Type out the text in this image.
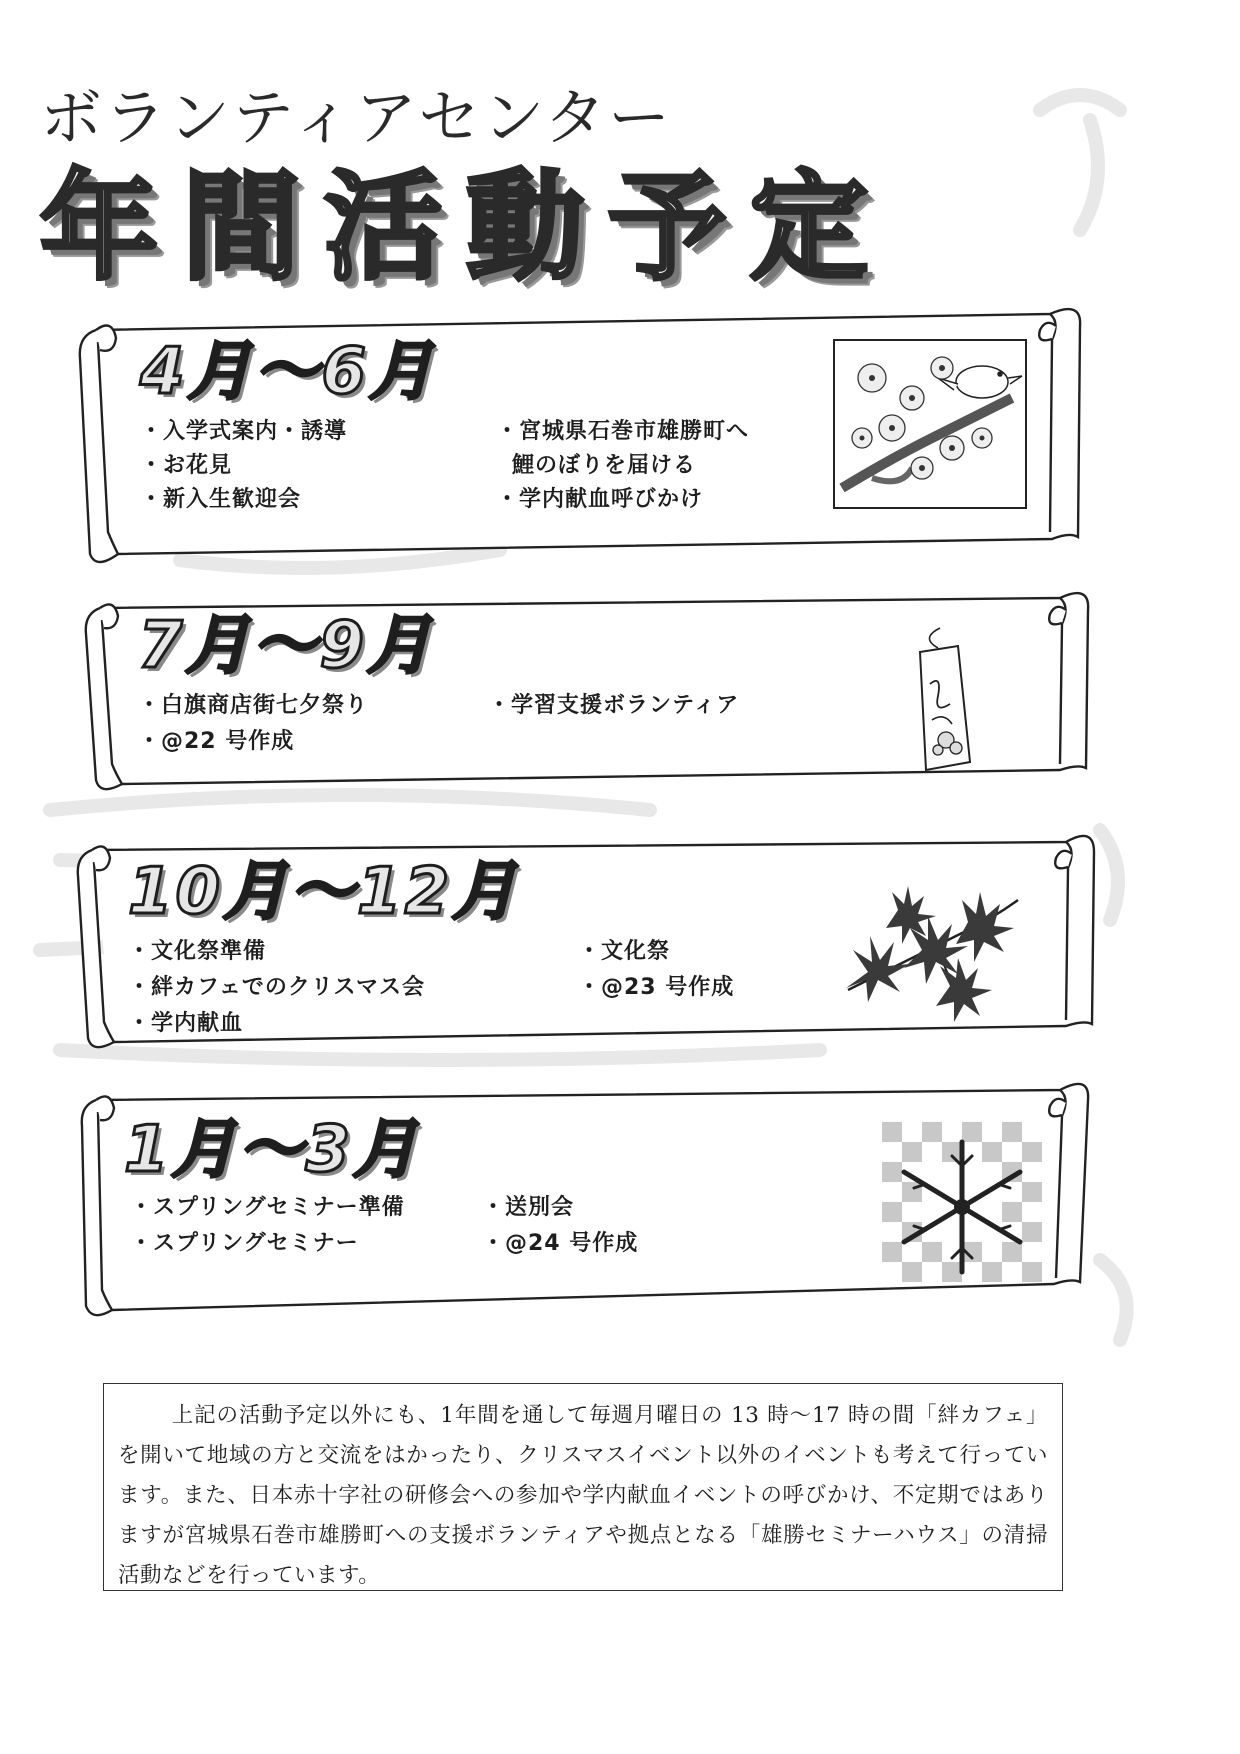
ボランティアセンター
年間活動予定
4月〜6月
・入学式案内・誘導
・お花見
・新入生歓迎会
・宮城県石巻市雄勝町へ
鯉のぼりを届ける
・学内献血呼びかけ
7月〜9月
・白旗商店街七夕祭り
・@22 号作成
・学習支援ボランティア
10月〜12月
・文化祭準備
・絆カフェでのクリスマス会
・学内献血
・文化祭
・@23 号作成
1月〜3月
・スプリングセミナー準備
・スプリングセミナー
・送別会
・@24 号作成

上記の活動予定以外にも、1年間を通して毎週月曜日の 13 時〜17 時の間「絆カフェ」を開いて地域の方と交流をはかったり、クリスマスイベント以外のイベントも考えて行っています。また、日本赤十字社の研修会への参加や学内献血イベントの呼びかけ、不定期ではありますが宮城県石巻市雄勝町への支援ボランティアや拠点となる「雄勝セミナーハウス」の清掃活動などを行っています。
